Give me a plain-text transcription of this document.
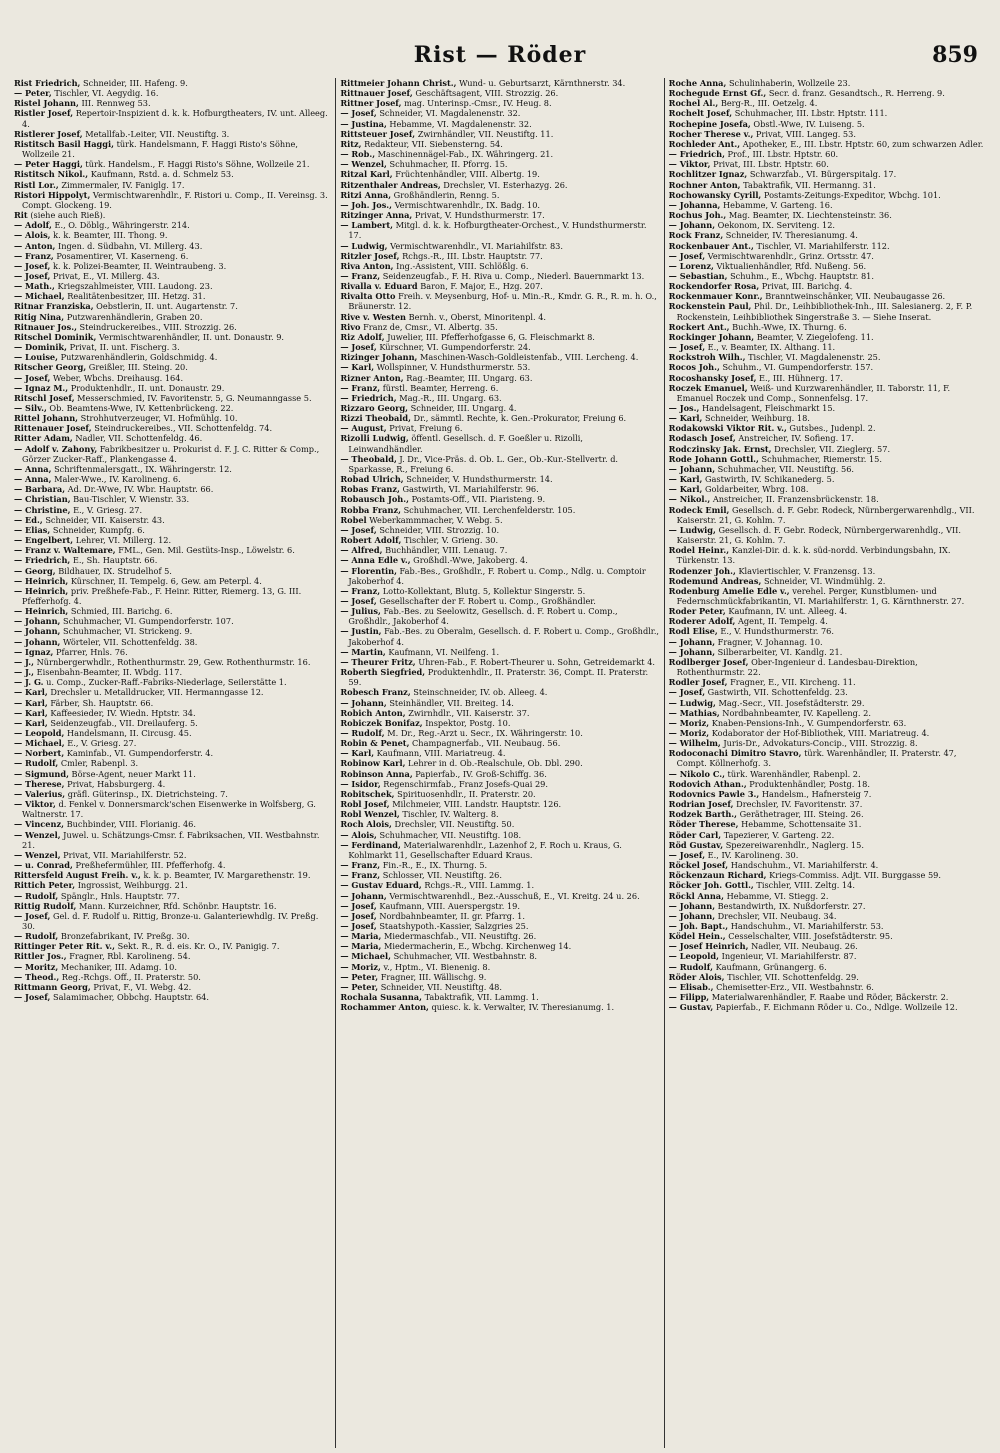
Rist — Röder	859
Rist Friedrich, Schneider, III. Hafeng. 9.
— Peter, Tischler, VI. Aegydig. 16.
Ristel Johann, III. Rennweg 53.
Ristler Josef, Repertoir-Inspizient d. k. k. Hofburgtheaters, IV. unt. Alleeg. 4.
Ristlerer Josef, Metallfab.-Leiter, VII. Neustiftg. 3.
Ristitsch Basil Haggi, türk. Handelsmann, F. Haggi Risto's Söhne, Wollzeile 21.
— Peter Haggi, türk. Handelsm., F. Haggi Risto's Söhne, Wollzeile 21.
Ristitsch Nikol., Kaufmann, Rstd. a. d. Schmelz 53.
Ristl Lor., Zimmermaler, IV. Faniglg. 17.
Ristori Hippolyt, Vermischtwarenhdlr., F. Ristori u. Comp., II. Vereinsg. 3. Compt. Glockeng. 19.
Rit (siehe auch Rieß).
— Adolf, E., O. Döblg., Währingerstr. 214.
— Alois, k. k. Beamter, III. Thong. 9.
— Anton, Ingen. d. Südbahn, VI. Millerg. 43.
— Franz, Posamentirer, VI. Kaserneng. 6.
— Josef, k. k. Polizei-Beamter, II. Weintraubeng. 3.
— Josef, Privat, E., VI. Millerg. 43.
— Math., Kriegszahlmeister, VIII. Laudong. 23.
— Michael, Realitätenbesitzer, III. Hetzg. 31.
Ritnar Franziska, Oebstlerin, II. unt. Augartenstr. 7.
Ritig Nina, Putzwarenhändlerin, Graben 20.
Ritnauer Jos., Steindruckereibes., VIII. Strozzig. 26.
Ritschel Dominik, Vermischtwarenhändler, II. unt. Donaustr. 9.
— Dominik, Privat, II. unt. Fischerg. 3.
— Louise, Putzwarenhändlerin, Goldschmidg. 4.
Ritscher Georg, Greißler, III. Steing. 20.
— Josef, Weber, Wbchs. Dreihausg. 164.
— Ignaz M., Produktenhdlr., II. unt. Donaustr. 29.
Ritschl Josef, Messerschmied, IV. Favoritenstr. 5, G. Neumanngasse 5.
— Silv., Ob. Beamtens-Wwe, IV. Kettenbrückeng. 22.
Rittel Johann, Strohhutverzeuger, VI. Hofmühlg. 10.
Rittenauer Josef, Steindruckereibes., VII. Schottenfeldg. 74.
Ritter Adam, Nadler, VII. Schottenfeldg. 46.
— Adolf v. Zahony, Fabrikbesitzer u. Prokurist d. F. J. C. Ritter & Comp., Görzer Zucker-Raff., Plankengasse 4.
— Anna, Schriftenmalersgatt., IX. Währingerstr. 12.
— Anna, Maler-Wwe., IV. Karolineng. 6.
— Barbara, Ad. Dr.-Wwe, IV. Wbr. Hauptstr. 66.
— Christian, Bau-Tischler, V. Wienstr. 33.
— Christine, E., V. Griesg. 27.
— Ed., Schneider, VII. Kaiserstr. 43.
— Elias, Schneider, Kumpfg. 6.
— Engelbert, Lehrer, VI. Millerg. 12.
— Franz v. Waltemare, FML., Gen. Mil. Gestüts-Insp., Löwelstr. 6.
— Friedrich, E., Sh. Hauptstr. 66.
— Georg, Bildhauer, IX. Strudelhof 5.
— Heinrich, Kürschner, II. Tempelg. 6, Gew. am Peterpl. 4.
— Heinrich, priv. Preßhefe-Fab., F. Heinr. Ritter, Riemerg. 13, G. III. Pfefferhofg. 4.
— Heinrich, Schmied, III. Barichg. 6.
— Johann, Schuhmacher, VI. Gumpendorferstr. 107.
— Johann, Schuhmacher, VI. Strickeng. 9.
— Johann, Wörteler, VII. Schottenfeldg. 38.
— Ignaz, Pfarrer, Hnls. 76.
— J., Nürnbergerwhdlr., Rothenthurmstr. 29, Gew. Rothenthurmstr. 16.
— J., Eisenbahn-Beamter, II. Wbdg. 117.
— J. G. u. Comp., Zucker-Raff.-Fabriks-Niederlage, Seilerstätte 1.
— Karl, Drechsler u. Metalldrucker, VII. Hermanngasse 12.
— Karl, Färber, Sh. Hauptstr. 66.
— Karl, Kaffeesieder, IV. Wiedn. Hptstr. 34.
— Karl, Seidenzeugfab., VII. Dreilauferg. 5.
— Leopold, Handelsmann, II. Circusg. 45.
— Michael, E., V. Griesg. 27.
— Norbert, Kaminfab., VI. Gumpendorferstr. 4.
— Rudolf, Cmler, Rabenpl. 3.
— Sigmund, Börse-Agent, neuer Markt 11.
— Therese, Privat, Habsburgerg. 4.
— Valerius, gräfl. Güterinsp., IX. Dietrichsteing. 7.
— Viktor, d. Fenkel v. Donnersmarck'schen Eisenwerke in Wolfsberg, G. Waltnerstr. 17.
— Vincenz, Buchbinder, VIII. Florianig. 46.
— Wenzel, Juwel. u. Schätzungs-Cmsr. f. Fabriksachen, VII. Westbahnstr. 21.
— Wenzel, Privat, VII. Mariahilferstr. 52.
— u. Conrad, Preßhefermühler, III. Pfefferhofg. 4.
Rittersfeld August Freih. v., k. k. p. Beamter, IV. Margarethenstr. 19.
Rittich Peter, Ingrossist, Weihburgg. 21.
— Rudolf, Spänglr., Hnls. Hauptstr. 77.
Rittig Rudolf, Mann. Kurzeichner, Rfd. Schönbr. Hauptstr. 16.
— Josef, Gel. d. F. Rudolf u. Rittig, Bronze-u. Galanteriewhdlg. IV. Preßg. 30.
— Rudolf, Bronzefabrikant, IV. Preßg. 30.
Rittinger Peter Rit. v., Sekt. R., R. d. eis. Kr. O., IV. Panigig. 7.
Rittler Jos., Fragner, Rbl. Karolineng. 54.
— Moritz, Mechaniker, III. Adamg. 10.
— Theod., Reg.-Rchgs. Off., II. Praterstr. 50.
Rittmann Georg, Privat, F., VI. Webg. 42.
— Josef, Salamimacher, Obbchg. Hauptstr. 64.
Rittmeier Johann Christ., Wund- u. Geburtsarzt, Kärnthnerstr. 34.
Rittnauer Josef, Geschäftsagent, VIII. Strozzig. 26.
Rittner Josef, mag. Unterinsp.-Cmsr., IV. Heug. 8.
— Josef, Schneider, VI. Magdalenenstr. 32.
— Justina, Hebamme, VI. Magdalenenstr. 32.
Rittsteuer Josef, Zwirnhändler, VII. Neustiftg. 11.
Ritz, Redakteur, VII. Siebensterng. 54.
— Rob., Maschinennägel-Fab., IX. Währingerg. 21.
— Wenzel, Schuhmacher, II. Pforrg. 15.
Ritzal Karl, Früchtenhändler, VIII. Albertg. 19.
Ritzenthaler Andreas, Drechsler, VI. Esterhazyg. 26.
Ritzi Anna, Großhändlerin, Renng. 5.
— Joh. Jos., Vermischtwarenhdlr., IX. Badg. 10.
Ritzinger Anna, Privat, V. Hundsthurmerstr. 17.
— Lambert, Mitgl. d. k. k. Hofburgtheater-Orchest., V. Hundsthurmerstr. 17.
— Ludwig, Vermischtwarenhdlr., VI. Mariahilfstr. 83.
Ritzler Josef, Rchgs.-R., III. Lbstr. Hauptstr. 77.
Riva Anton, Ing.-Assistent, VIII. Schlößlg. 6.
— Franz, Seidenzeugfab., F. H. Riva u. Comp., Niederl. Bauernmarkt 13.
Rivalla v. Eduard Baron, F. Major, E., Hzg. 207.
Rivalta Otto Freih. v. Meysenburg, Hof- u. Min.-R., Kmdr. G. R., R. m. h. O., Bräunerstr. 12.
Rive v. Westen Bernh. v., Oberst, Minoritenpl. 4.
Rivo Franz de, Cmsr., VI. Albertg. 35.
Riz Adolf, Juwelier, III. Pfefferhofgasse 6, G. Fleischmarkt 8.
— Josef, Kürschner, VI. Gumpendorferstr. 24.
Rizinger Johann, Maschinen-Wasch-Goldleistenfab., VIII. Lercheng. 4.
— Karl, Wollspinner, V. Hundsthurmerstr. 53.
Rizner Anton, Rag.-Beamter, III. Ungarg. 63.
— Franz, fürstl. Beamter, Herreng. 6.
— Friedrich, Mag.-R., III. Ungarg. 63.
Rizzaro Georg, Schneider, III. Ungarg. 4.
Rizzi Theobald, Dr., sämmtl. Rechte, k. Gen.-Prokurator, Freiung 6.
— August, Privat, Freiung 6.
Rizolli Ludwig, öffentl. Gesellsch. d. F. Goeßler u. Rizolli, Leinwandhändler.
— Theobald, J. Dr., Vice-Präs. d. Ob. L. Ger., Ob.-Kur.-Stellvertr. d. Sparkasse, R., Freiung 6.
Robad Ulrich, Schneider, V. Hundsthurmerstr. 14.
Robas Franz, Gastwirth, VI. Mariahilferstr. 96.
Robausch Joh., Postamts-Off., VII. Piaristeng. 9.
Robba Franz, Schuhmacher, VII. Lerchenfelderstr. 105.
Robel Weberkammmacher, V. Webg. 5.
— Josef, Schneider, VIII. Strozzig. 10.
Robert Adolf, Tischler, V. Grieng. 30.
— Alfred, Buchhändler, VIII. Lenaug. 7.
— Anna Edle v., Großhdl.-Wwe, Jakoberg. 4.
— Florentin, Fab.-Bes., Großhdlr., F. Robert u. Comp., Ndlg. u. Comptoir Jakoberhof 4.
— Franz, Lotto-Kollektant, Blutg. 5, Kollektur Singerstr. 5.
— Josef, Gesellschafter der F. Robert u. Comp., Großhändler.
— Julius, Fab.-Bes. zu Seelowitz, Gesellsch. d. F. Robert u. Comp., Großhdlr., Jakoberhof 4.
— Justin, Fab.-Bes. zu Oberalm, Gesellsch. d. F. Robert u. Comp., Großhdlr., Jakoberhof 4.
— Martin, Kaufmann, VI. Neilfeng. 1.
— Theurer Fritz, Uhren-Fab., F. Robert-Theurer u. Sohn, Getreidemarkt 4.
Roberth Siegfried, Produktenhdlr., II. Praterstr. 36, Compt. II. Praterstr. 59.
Robesch Franz, Steinschneider, IV. ob. Alleeg. 4.
— Johann, Steinhändler, VII. Breiteg. 14.
Robich Anton, Zwirnhdlr., VII. Kaiserstr. 37.
Robiczek Bonifaz, Inspektor, Postg. 10.
— Rudolf, M. Dr., Reg.-Arzt u. Secr., IX. Währingerstr. 10.
Robin & Penet, Champagnerfab., VII. Neubaug. 56.
— Karl, Kaufmann, VIII. Mariatreug. 4.
Robinow Karl, Lehrer in d. Ob.-Realschule, Ob. Dbl. 290.
Robinson Anna, Papierfab., IV. Groß-Schiffg. 36.
— Isidor, Regenschirmfab., Franz Josefs-Quai 29.
Robitschek, Spirituosenhdlr., II. Praterstr. 20.
Robl Josef, Milchmeier, VIII. Landstr. Hauptstr. 126.
Robl Wenzel, Tischler, IV. Walterg. 8.
Roch Alois, Drechsler, VII. Neustiftg. 50.
— Alois, Schuhmacher, VII. Neustiftg. 108.
— Ferdinand, Materialwarenhdlr., Lazenhof 2, F. Roch u. Kraus, G. Kohlmarkt 11, Gesellschafter Eduard Kraus.
— Franz, Fin.-R., E., IX. Thurng. 5.
— Franz, Schlosser, VII. Neustiftg. 26.
— Gustav Eduard, Rchgs.-R., VIII. Lammg. 1.
— Johann, Vermischtwarenhdl., Bez.-Ausschuß, E., VI. Kreitg. 24 u. 26.
— Josef, Kaufmann, VIII. Auerspergstr. 19.
— Josef, Nordbahnbeamter, II. gr. Pfarrg. 1.
— Josef, Staatshypoth.-Kassier, Salzgries 25.
— Maria, Miedermaschfab., VII. Neustiftg. 26.
— Maria, Miedermacherin, E., Wbchg. Kirchenweg 14.
— Michael, Schuhmacher, VII. Westbahnstr. 8.
— Moriz, v., Hptm., VI. Bienenig. 8.
— Peter, Fragner, III. Wällischg. 9.
— Peter, Schneider, VII. Neustiftg. 48.
Rochala Susanna, Tabaktrafik, VII. Lammg. 1.
Rochammer Anton, quiesc. k. k. Verwalter, IV. Theresianumg. 1.
Roche Anna, Schulinhaberin, Wollzeile 23.
Rochegude Ernst Gf., Secr. d. franz. Gesandtsch., R. Herreng. 9.
Rochel Al., Berg-R., III. Oetzelg. 4.
Rochelt Josef, Schuhmacher, III. Lbstr. Hptstr. 111.
Rochepine Josefa, Obstl.-Wwe, IV. Luiseng. 5.
Rocher Therese v., Privat, VIII. Langeg. 53.
Rochleder Ant., Apotheker, E., III. Lbstr. Hptstr. 60, zum schwarzen Adler.
— Friedrich, Prof., III. Lbstr. Hptstr. 60.
— Viktor, Privat, III. Lbstr. Hptstr. 60.
Rochlitzer Ignaz, Schwarzfab., VI. Bürgerspitalg. 17.
Rochner Anton, Tabaktrafik, VII. Hermanng. 31.
Rochowansky Cyrill, Postamts-Zeitungs-Expeditor, Wbchg. 101.
— Johanna, Hebamme, V. Garteng. 16.
Rochus Joh., Mag. Beamter, IX. Liechtensteinstr. 36.
— Johann, Oekonom, IX. Serviteng. 12.
Rock Franz, Schneider, IV. Theresianumg. 4.
Rockenbauer Ant., Tischler, VI. Mariahilferstr. 112.
— Josef, Vermischtwarenhdlr., Grinz. Ortsstr. 47.
— Lorenz, Viktualienhändler, Rfd. Nußeng. 56.
— Sebastian, Schuhm., E., Wbchg. Hauptstr. 81.
Rockendorfer Rosa, Privat, III. Barichg. 4.
Rockenmauer Konr., Branntweinschänker, VII. Neubaugasse 26.
Rockenstein Paul, Phil. Dr., Leihbibliothek-Inh., III. Salesianerg. 2, F. P. Rockenstein, Leihbibliothek Singerstraße 3. — Siehe Inserat.
Rockert Ant., Buchh.-Wwe, IX. Thurng. 6.
Rockinger Johann, Beamter, V. Ziegelofeng. 11.
— Josef, E., v. Beamter, IX. Althang. 11.
Rockstroh Wilh., Tischler, VI. Magdalenenstr. 25.
Rocos Joh., Schuhm., VI. Gumpendorferstr. 157.
Rocoshansky Josef, E., III. Hühnerg. 17.
Roczek Emanuel, Weiß- und Kurzwarenhändler, II. Taborstr. 11, F. Emanuel Roczek und Comp., Sonnenfelsg. 17.
— Jos., Handelsagent, Fleischmarkt 15.
— Karl, Schneider, Weihburg. 18.
Rodakowski Viktor Rit. v., Gutsbes., Judenpl. 2.
Rodasch Josef, Anstreicher, IV. Sofieng. 17.
Rodczinsky Jak. Ernst, Drechsler, VII. Zieglerg. 57.
Rode Johann Gottl., Schuhmacher, Riemerstr. 15.
— Johann, Schuhmacher, VII. Neustiftg. 56.
— Karl, Gastwirth, IV. Schikanederg. 5.
— Karl, Goldarbeiter, Wbrg. 108.
— Nikol., Anstreicher, II. Franzensbrückenstr. 18.
Rodeck Emil, Gesellsch. d. F. Gebr. Rodeck, Nürnbergerwarenhdlg., VII. Kaiserstr. 21, G. Kohlm. 7.
— Ludwig, Gesellsch. d. F. Gebr. Rodeck, Nürnbergerwarenhdlg., VII. Kaiserstr. 21, G. Kohlm. 7.
Rodel Heinr., Kanzlei-Dir. d. k. k. süd-nordd. Verbindungsbahn, IX. Türkenstr. 13.
Rodenzer Joh., Klaviertischler, V. Franzensg. 13.
Rodemund Andreas, Schneider, VI. Windmühlg. 2.
Rodenburg Amelie Edle v., verehel. Perger, Kunstblumen- und Federnschmückfabrikantin, VI. Mariahilferstr. 1, G. Kärnthnerstr. 27.
Roder Peter, Kaufmann, IV. unt. Alleeg. 4.
Roderer Adolf, Agent, II. Tempelg. 4.
Rodl Elise, E., V. Hundsthurmerstr. 76.
— Johann, Fragner, V. Johannag. 10.
— Johann, Silberarbeiter, VI. Kandlg. 21.
Rodlberger Josef, Ober-Ingenieur d. Landesbau-Direktion, Rothenthurmstr. 22.
Rodler Josef, Fragner, E., VII. Kircheng. 11.
— Josef, Gastwirth, VII. Schottenfeldg. 23.
— Ludwig, Mag.-Secr., VII. Josefstädterstr. 29.
— Mathias, Nordbahnbeamter, IV. Kapelleng. 2.
— Moriz, Knaben-Pensions-Inh., V. Gumpendorferstr. 63.
— Moriz, Kodaborator der Hof-Bibliothek, VIII. Mariatreug. 4.
— Wilhelm, Juris-Dr., Advokaturs-Concip., VIII. Strozzig. 8.
Rodoconachi Dimitro Stavro, türk. Warenhändler, II. Praterstr. 47, Compt. Köllnerhofg. 3.
— Nikolo C., türk. Warenhändler, Rabenpl. 2.
Rodovich Athan., Produktenhändler, Postg. 18.
Rodovnics Pawle 3., Handelsm., Hafnersteig 7.
Rodrian Josef, Drechsler, IV. Favoritenstr. 37.
Rodzek Barth., Geräthetrager, III. Steing. 26.
Röder Therese, Hebamme, Schottensaite 31.
Röder Carl, Tapezierer, V. Garteng. 22.
Röd Gustav, Spezereiwarenhdlr., Naglerg. 15.
— Josef, E., IV. Karolineng. 30.
Röckel Josef, Handschuhm., VI. Mariahilferstr. 4.
Röckenzaun Richard, Kriegs-Commiss. Adjt. VII. Burggasse 59.
Röcker Joh. Gottl., Tischler, VIII. Zeltg. 14.
Röckl Anna, Hebamme, VI. Stiegg. 2.
— Johann, Bestandwirth, IX. Nußdorferstr. 27.
— Johann, Drechsler, VII. Neubaug. 34.
— Joh. Bapt., Handschuhm., VI. Mariahilferstr. 53.
Ködel Hein., Cesselschalter, VIII. Josefstädterstr. 95.
— Josef Heinrich, Nadler, VII. Neubaug. 26.
— Leopold, Ingenieur, VI. Mariahilferstr. 87.
— Rudolf, Kaufmann, Grünangerg. 6.
Röder Alois, Tischler, VII. Schottenfeldg. 29.
— Elisab., Chemisetter-Erz., VII. Westbahnstr. 6.
— Filipp, Materialwarenhändler, F. Raabe und Röder, Bäckerstr. 2.
— Gustav, Papierfab., F. Eichmann Röder u. Co., Ndlge. Wollzeile 12.
